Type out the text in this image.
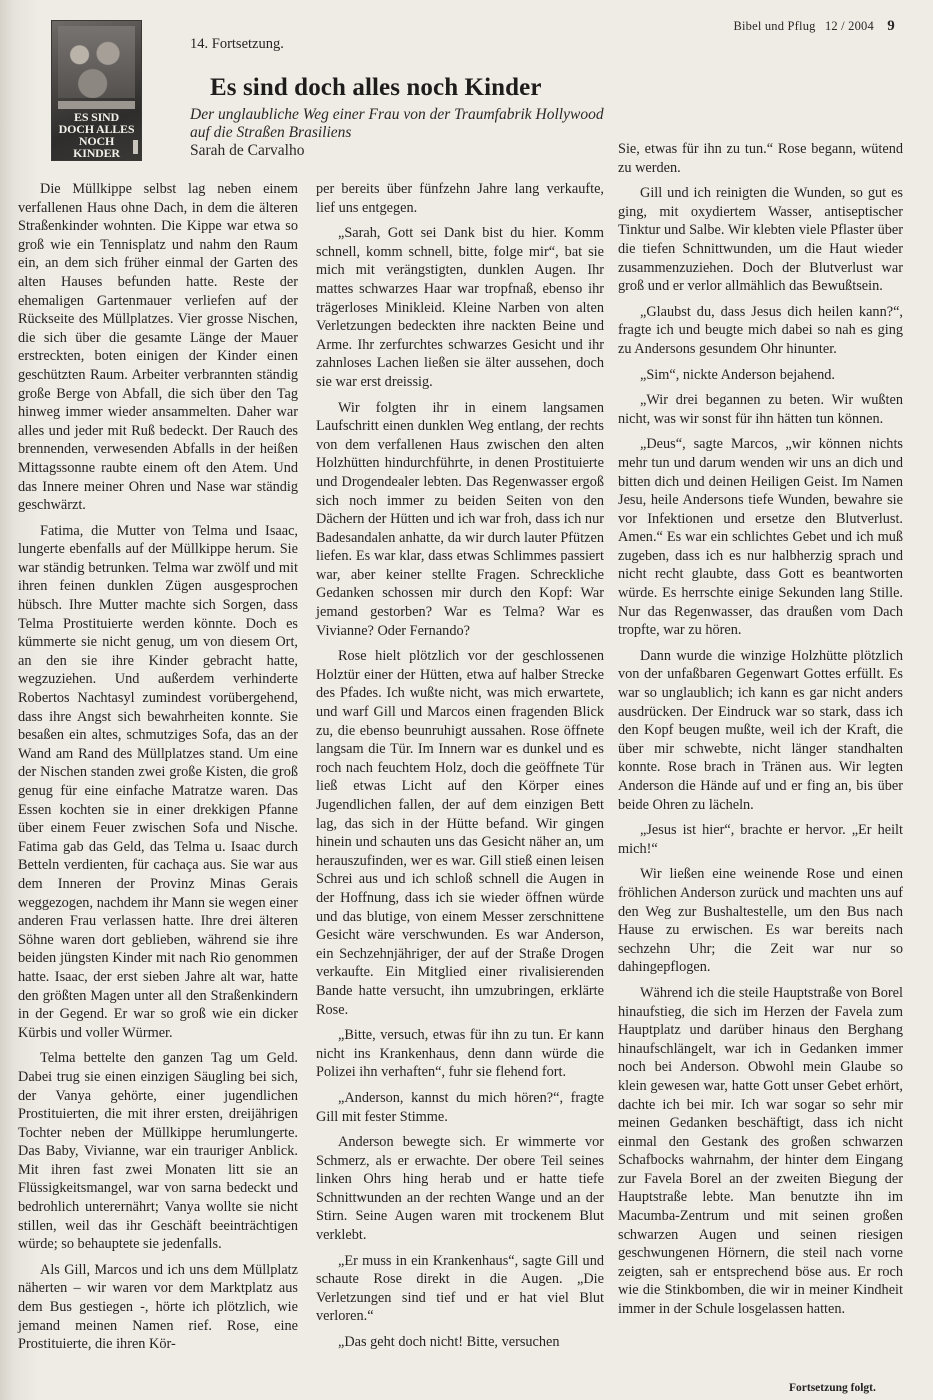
Bibel und Pflug 12 / 2004 9
ES SIND DOCH ALLES NOCH KINDER
14. Fortsetzung.
Es sind doch alles noch Kinder
Der unglaubliche Weg einer Frau von der Traumfabrik Hollywood auf die Straßen Brasiliens
Sarah de Carvalho

Die Müllkippe selbst lag neben einem verfallenen Haus ohne Dach, in dem die älteren Straßenkinder wohnten. Die Kippe war etwa so groß wie ein Tennisplatz und nahm den Raum ein, an dem sich früher einmal der Garten des alten Hauses befunden hatte. Reste der ehemaligen Gartenmauer verliefen auf der Rückseite des Müllplatzes. Vier grosse Nischen, die sich über die gesamte Länge der Mauer erstreckten, boten einigen der Kinder einen geschützten Raum. Arbeiter verbrannten ständig große Berge von Abfall, die sich über den Tag hinweg immer wieder ansammelten. Daher war alles und jeder mit Ruß bedeckt. Der Rauch des brennenden, verwesenden Abfalls in der heißen Mittagssonne raubte einem oft den Atem. Und das Innere meiner Ohren und Nase war ständig geschwärzt.

Fatima, die Mutter von Telma und Isaac, lungerte ebenfalls auf der Müllkippe herum. Sie war ständig betrunken. Telma war zwölf und mit ihren feinen dunklen Zügen ausgesprochen hübsch. Ihre Mutter machte sich Sorgen, dass Telma Prostituierte werden könnte. Doch es kümmerte sie nicht genug, um von diesem Ort, an den sie ihre Kinder gebracht hatte, wegzuziehen. Und außerdem verhinderte Robertos Nachtasyl zumindest vorübergehend, dass ihre Angst sich bewahrheiten konnte. Sie besaßen ein altes, schmutziges Sofa, das an der Wand am Rand des Müllplatzes stand. Um eine der Nischen standen zwei große Kisten, die groß genug für eine einfache Matratze waren. Das Essen kochten sie in einer drekkigen Pfanne über einem Feuer zwischen Sofa und Nische. Fatima gab das Geld, das Telma u. Isaac durch Betteln verdienten, für cachaça aus. Sie war aus dem Inneren der Provinz Minas Gerais weggezogen, nachdem ihr Mann sie wegen einer anderen Frau verlassen hatte. Ihre drei älteren Söhne waren dort geblieben, während sie ihre beiden jüngsten Kinder mit nach Rio genommen hatte. Isaac, der erst sieben Jahre alt war, hatte den größten Magen unter all den Straßenkindern in der Gegend. Er war so groß wie ein dicker Kürbis und voller Würmer.

Telma bettelte den ganzen Tag um Geld. Dabei trug sie einen einzigen Säugling bei sich, der Vanya gehörte, einer jugendlichen Prostituierten, die mit ihrer ersten, dreijährigen Tochter neben der Müllkippe herumlungerte. Das Baby, Vivianne, war ein trauriger Anblick. Mit ihren fast zwei Monaten litt sie an Flüssigkeitsmangel, war von sarna bedeckt und bedrohlich unterernährt; Vanya wollte sie nicht stillen, weil das ihr Geschäft beeinträchtigen würde; so behauptete sie jedenfalls.

Als Gill, Marcos und ich uns dem Müllplatz näherten – wir waren vor dem Marktplatz aus dem Bus gestiegen -, hörte ich plötzlich, wie jemand meinen Namen rief. Rose, eine Prostituierte, die ihren Kör-

per bereits über fünfzehn Jahre lang verkaufte, lief uns entgegen.

„Sarah, Gott sei Dank bist du hier. Komm schnell, komm schnell, bitte, folge mir“, bat sie mich mit verängstigten, dunklen Augen. Ihr mattes schwarzes Haar war tropfnaß, ebenso ihr trägerloses Minikleid. Kleine Narben von alten Verletzungen bedeckten ihre nackten Beine und Arme. Ihr zerfurchtes schwarzes Gesicht und ihr zahnloses Lachen ließen sie älter aussehen, doch sie war erst dreissig.

Wir folgten ihr in einem langsamen Laufschritt einen dunklen Weg entlang, der rechts von dem verfallenen Haus zwischen den alten Holzhütten hindurchführte, in denen Prostituierte und Drogendealer lebten. Das Regenwasser ergoß sich noch immer zu beiden Seiten von den Dächern der Hütten und ich war froh, dass ich nur Badesandalen anhatte, da wir durch lauter Pfützen liefen. Es war klar, dass etwas Schlimmes passiert war, aber keiner stellte Fragen. Schreckliche Gedanken schossen mir durch den Kopf: War jemand gestorben? War es Telma? War es Vivianne? Oder Fernando?

Rose hielt plötzlich vor der geschlossenen Holztür einer der Hütten, etwa auf halber Strecke des Pfades. Ich wußte nicht, was mich erwartete, und warf Gill und Marcos einen fragenden Blick zu, die ebenso beunruhigt aussahen. Rose öffnete langsam die Tür. Im Innern war es dunkel und es roch nach feuchtem Holz, doch die geöffnete Tür ließ etwas Licht auf den Körper eines Jugendlichen fallen, der auf dem einzigen Bett lag, das sich in der Hütte befand. Wir gingen hinein und schauten uns das Gesicht näher an, um herauszufinden, wer es war. Gill stieß einen leisen Schrei aus und ich schloß schnell die Augen in der Hoffnung, dass ich sie wieder öffnen würde und das blutige, von einem Messer zerschnittene Gesicht wäre verschwunden. Es war Anderson, ein Sechzehnjähriger, der auf der Straße Drogen verkaufte. Ein Mitglied einer rivalisierenden Bande hatte versucht, ihn umzubringen, erklärte Rose.

„Bitte, versuch, etwas für ihn zu tun. Er kann nicht ins Krankenhaus, denn dann würde die Polizei ihn verhaften“, fuhr sie flehend fort.

„Anderson, kannst du mich hören?“, fragte Gill mit fester Stimme.

Anderson bewegte sich. Er wimmerte vor Schmerz, als er erwachte. Der obere Teil seines linken Ohrs hing herab und er hatte tiefe Schnittwunden an der rechten Wange und an der Stirn. Seine Augen waren mit trockenem Blut verklebt.

„Er muss in ein Krankenhaus“, sagte Gill und schaute Rose direkt in die Augen. „Die Verletzungen sind tief und er hat viel Blut verloren.“

„Das geht doch nicht! Bitte, versuchen

Sie, etwas für ihn zu tun.“ Rose begann, wütend zu werden.

Gill und ich reinigten die Wunden, so gut es ging, mit oxydiertem Wasser, antiseptischer Tinktur und Salbe. Wir klebten viele Pflaster über die tiefen Schnittwunden, um die Haut wieder zusammenzuziehen. Doch der Blutverlust war groß und er verlor allmählich das Bewußtsein.

„Glaubst du, dass Jesus dich heilen kann?“, fragte ich und beugte mich dabei so nah es ging zu Andersons gesundem Ohr hinunter.

„Sim“, nickte Anderson bejahend.

„Wir drei begannen zu beten. Wir wußten nicht, was wir sonst für ihn hätten tun können.

„Deus“, sagte Marcos, „wir können nichts mehr tun und darum wenden wir uns an dich und bitten dich und deinen Heiligen Geist. Im Namen Jesu, heile Andersons tiefe Wunden, bewahre sie vor Infektionen und ersetze den Blutverlust. Amen.“ Es war ein schlichtes Gebet und ich muß zugeben, dass ich es nur halbherzig sprach und nicht recht glaubte, dass Gott es beantworten würde. Es herrschte einige Sekunden lang Stille. Nur das Regenwasser, das draußen vom Dach tropfte, war zu hören.

Dann wurde die winzige Holzhütte plötzlich von der unfaßbaren Gegenwart Gottes erfüllt. Es war so unglaublich; ich kann es gar nicht anders ausdrücken. Der Eindruck war so stark, dass ich den Kopf beugen mußte, weil ich der Kraft, die über mir schwebte, nicht länger standhalten konnte. Rose brach in Tränen aus. Wir legten Anderson die Hände auf und er fing an, bis über beide Ohren zu lächeln.

„Jesus ist hier“, brachte er hervor. „Er heilt mich!“

Wir ließen eine weinende Rose und einen fröhlichen Anderson zurück und machten uns auf den Weg zur Bushaltestelle, um den Bus nach Hause zu erwischen. Es war bereits nach sechzehn Uhr; die Zeit war nur so dahingepflogen.

Während ich die steile Hauptstraße von Borel hinaufstieg, die sich im Herzen der Favela zum Hauptplatz und darüber hinaus den Berghang hinaufschlängelt, war ich in Gedanken immer noch bei Anderson. Obwohl mein Glaube so klein gewesen war, hatte Gott unser Gebet erhört, dachte ich bei mir. Ich war sogar so sehr mir meinen Gedanken beschäftigt, dass ich nicht einmal den Gestank des großen schwarzen Schafbocks wahrnahm, der hinter dem Eingang zur Favela Borel an der zweiten Biegung der Hauptstraße lebte. Man benutzte ihn im Macumba-Zentrum und mit seinen großen schwarzen Augen und seinen riesigen geschwungenen Hörnern, die steil nach vorne zeigten, sah er entsprechend böse aus. Er roch wie die Stinkbomben, die wir in meiner Kindheit immer in der Schule losgelassen hatten.

Fortsetzung folgt.
